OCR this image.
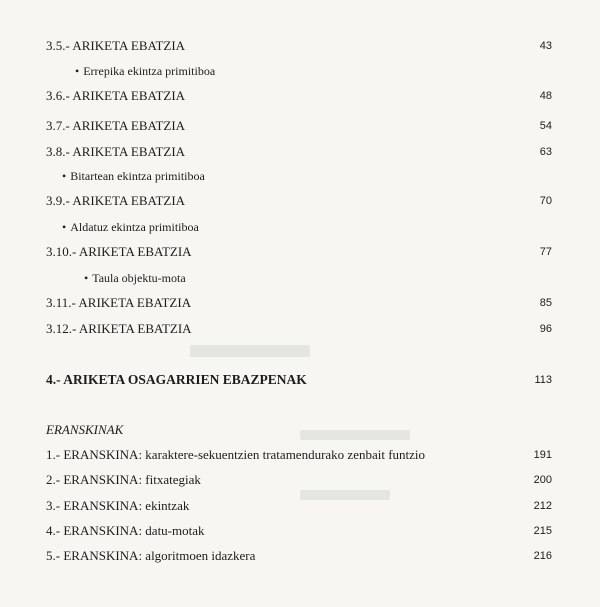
3.5.- ARIKETA EBATZIA	43
• Errepika ekintza primitiboa
3.6.- ARIKETA EBATZIA	48
3.7.- ARIKETA EBATZIA	54
3.8.- ARIKETA EBATZIA	63
• Bitartean ekintza primitiboa
3.9.- ARIKETA EBATZIA	70
• Aldatuz ekintza primitiboa
3.10.- ARIKETA EBATZIA	77
• Taula objektu-mota
3.11.- ARIKETA EBATZIA	85
3.12.- ARIKETA EBATZIA	96
4.- ARIKETA OSAGARRIEN EBAZPENAK	113
ERANSKINAK
1.- ERANSKINA: karaktere-sekuentzien tratamendurako zenbait funtzio	191
2.- ERANSKINA: fitxategiak	200
3.- ERANSKINA: ekintzak	212
4.- ERANSKINA: datu-motak	215
5.- ERANSKINA: algoritmoen idazkera	216
